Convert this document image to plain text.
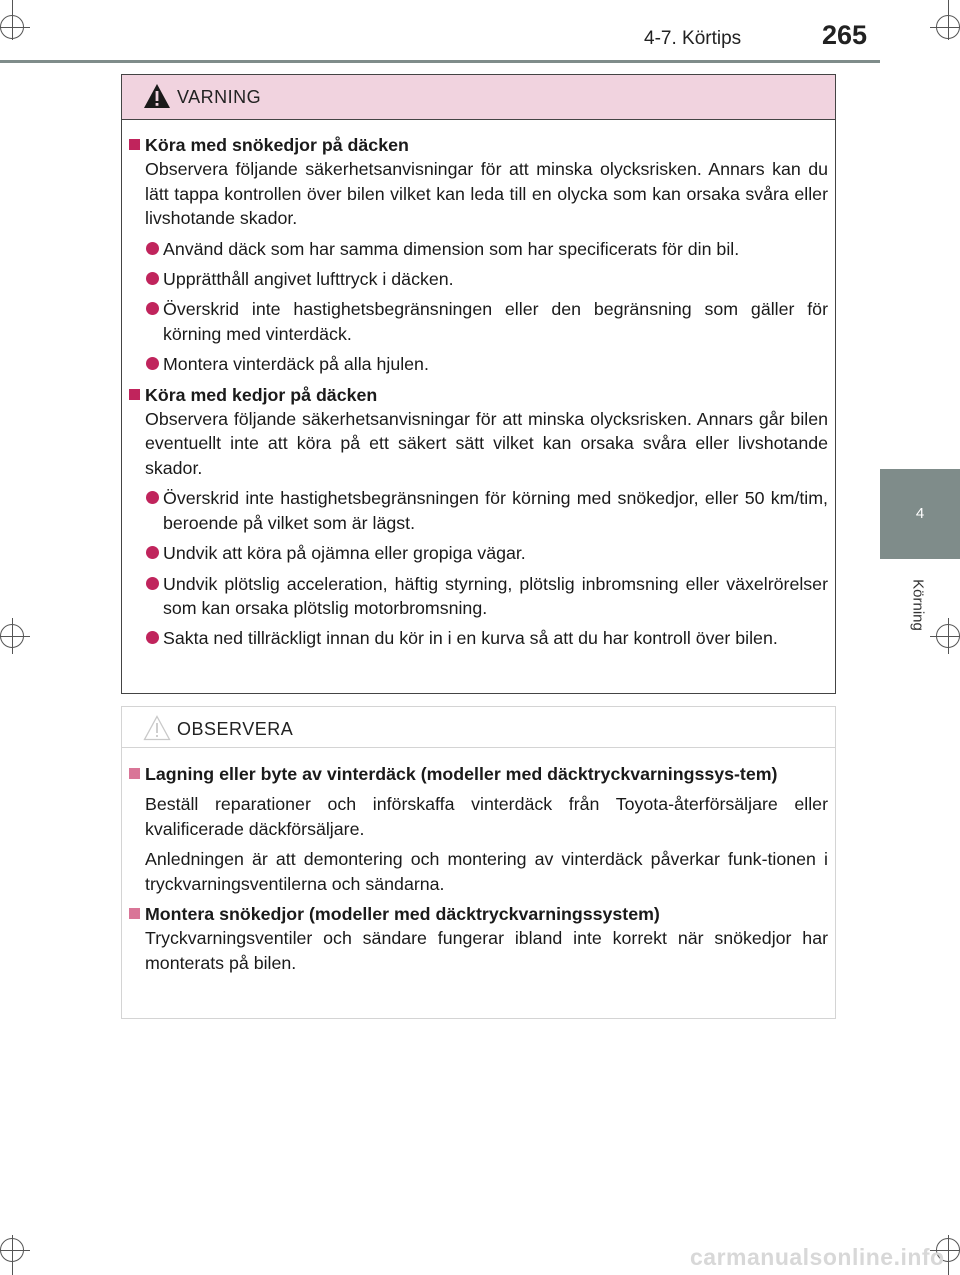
4-7. Körtips	265
4
Körning
VARNING
Köra med snökedjor på däcken
Observera följande säkerhetsanvisningar för att minska olycksrisken. Annars kan du lätt tappa kontrollen över bilen vilket kan leda till en olycka som kan orsaka svåra eller livshotande skador.
Använd däck som har samma dimension som har specificerats för din bil.
Upprätthåll angivet lufttryck i däcken.
Överskrid inte hastighetsbegränsningen eller den begränsning som gäller för körning med vinterdäck.
Montera vinterdäck på alla hjulen.
Köra med kedjor på däcken
Observera följande säkerhetsanvisningar för att minska olycksrisken. Annars går bilen eventuellt inte att köra på ett säkert sätt vilket kan orsaka svåra eller livshotande skador.
Överskrid inte hastighetsbegränsningen för körning med snökedjor, eller 50 km/tim, beroende på vilket som är lägst.
Undvik att köra på ojämna eller gropiga vägar.
Undvik plötslig acceleration, häftig styrning, plötslig inbromsning eller växelrörelser som kan orsaka plötslig motorbromsning.
Sakta ned tillräckligt innan du kör in i en kurva så att du har kontroll över bilen.
OBSERVERA
Lagning eller byte av vinterdäck (modeller med däcktryckvarningssys-tem)
Beställ reparationer och införskaffa vinterdäck från Toyota-återförsäljare eller kvalificerade däckförsäljare.
Anledningen är att demontering och montering av vinterdäck påverkar funk-tionen i tryckvarningsventilerna och sändarna.
Montera snökedjor (modeller med däcktryckvarningssystem)
Tryckvarningsventiler och sändare fungerar ibland inte korrekt när snökedjor har monterats på bilen.
carmanualsonline.info
